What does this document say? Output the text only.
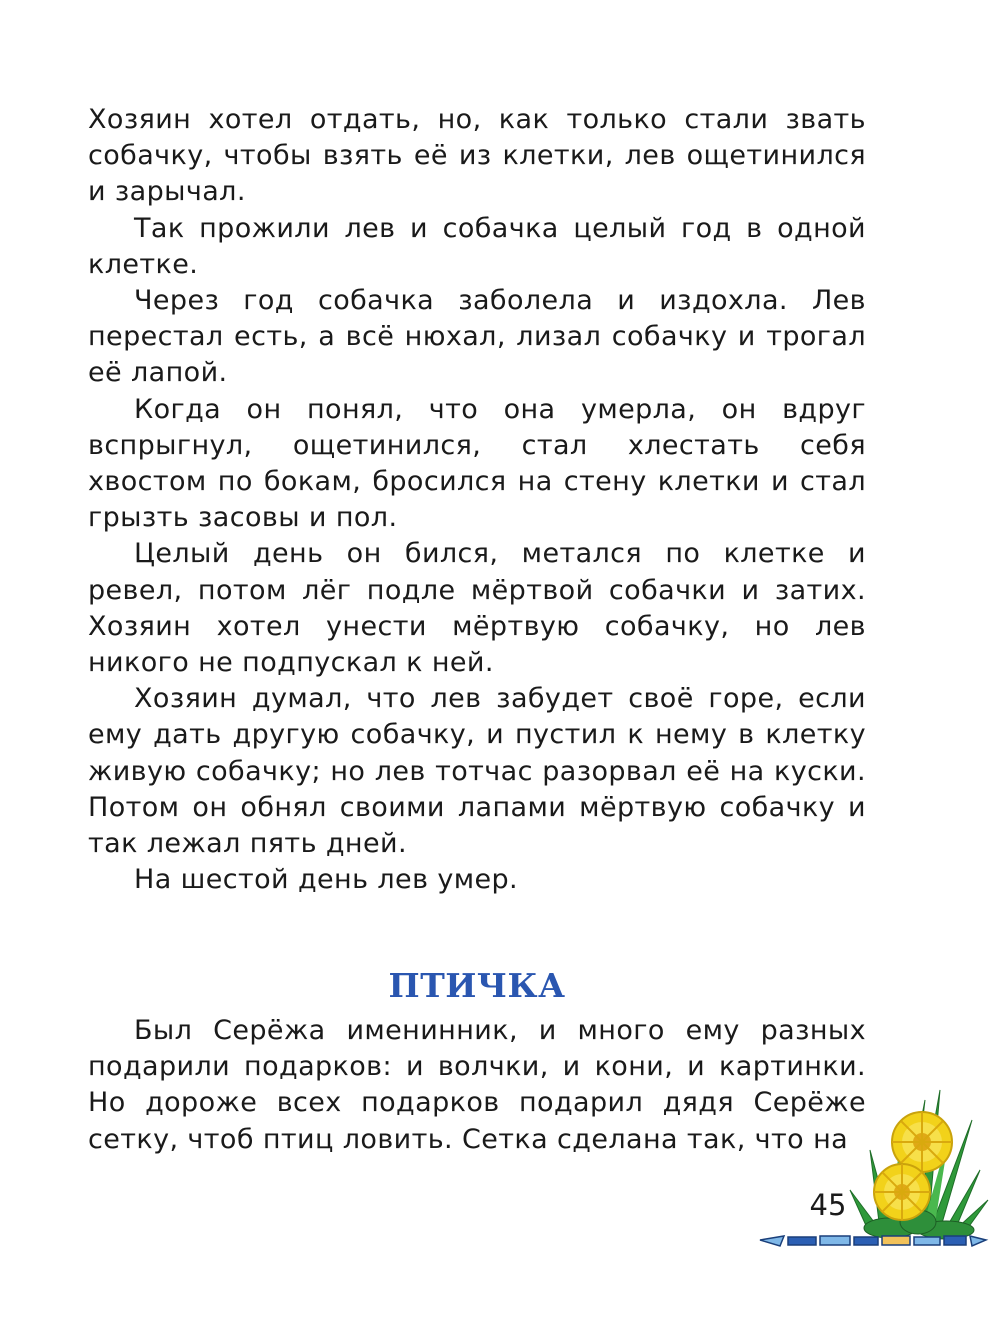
Хозяин хотел отдать, но, как только стали звать собачку, чтобы взять её из клетки, лев ощетинился и зарычал.

Так прожили лев и собачка целый год в одной клетке.

Через год собачка заболела и издохла. Лев перестал есть, а всё нюхал, лизал собачку и трогал её лапой.

Когда он понял, что она умерла, он вдруг вспрыгнул, ощетинился, стал хлестать себя хвостом по бокам, бросился на стену клетки и стал грызть засовы и пол.

Целый день он бился, метался по клетке и ревел, потом лёг подле мёртвой собачки и затих. Хозяин хотел унести мёртвую собачку, но лев никого не подпускал к ней.

Хозяин думал, что лев забудет своё горе, если ему дать другую собачку, и пустил к нему в клетку живую собачку; но лев тотчас разорвал её на куски. Потом он обнял своими лапами мёртвую собачку и так лежал пять дней.

На шестой день лев умер.

ПТИЧКА

Был Серёжа именинник, и много ему разных подарили подарков: и волчки, и кони, и картинки. Но дороже всех подарков подарил дядя Серёже сетку, чтоб птиц ловить. Сетка сделана так, что на

45
